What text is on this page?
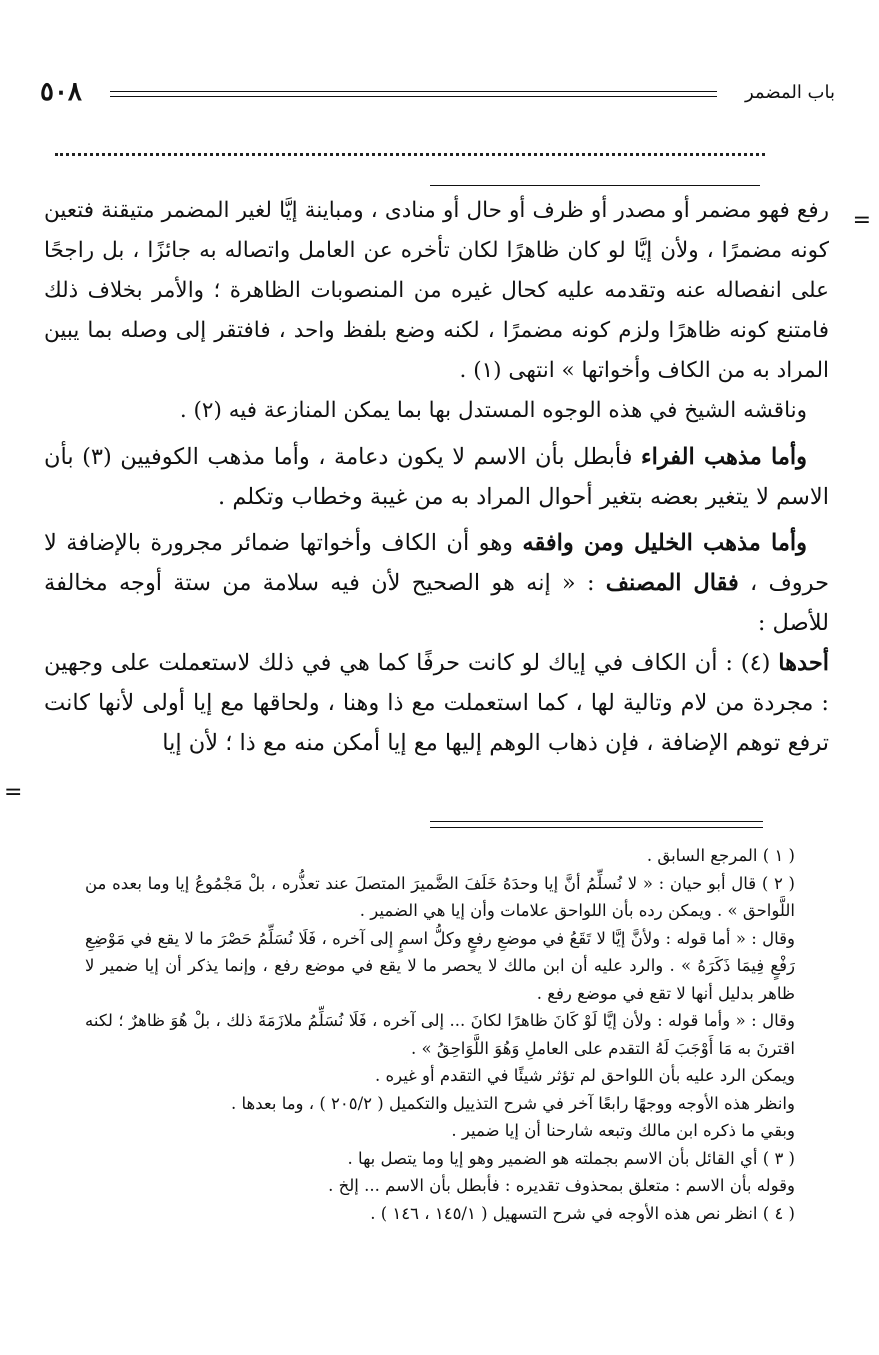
باب المضمر
٥٠٨
=

رفع فهو مضمر أو مصدر أو ظرف أو حال أو منادى ، ومباينة إيَّا لغير المضمر متيقنة فتعين كونه مضمرًا ، ولأن إيَّا لو كان ظاهرًا لكان تأخره عن العامل واتصاله به جائزًا ، بل راجحًا على انفصاله عنه وتقدمه عليه كحال غيره من المنصوبات الظاهرة ؛ والأمر بخلاف ذلك فامتنع كونه ظاهرًا ولزم كونه مضمرًا ، لكنه وضع بلفظ واحد ، فافتقر إلى وصله بما يبين المراد به من الكاف وأخواتها » انتهى (١) .

وناقشه الشيخ في هذه الوجوه المستدل بها بما يمكن المنازعة فيه (٢) .

وأما مذهب الفراء فأبطل بأن الاسم لا يكون دعامة ، وأما مذهب الكوفيين (٣) بأن الاسم لا يتغير بعضه بتغير أحوال المراد به من غيبة وخطاب وتكلم .

وأما مذهب الخليل ومن وافقه وهو أن الكاف وأخواتها ضمائر مجرورة بالإضافة لا حروف ، فقال المصنف : « إنه هو الصحيح لأن فيه سلامة من ستة أوجه مخالفة للأصل :

أحدها (٤) : أن الكاف في إياك لو كانت حرفًا كما هي في ذلك لاستعملت على وجهين : مجردة من لام وتالية لها ، كما استعملت مع ذا وهنا ، ولحاقها مع إيا أولى لأنها كانت ترفع توهم الإضافة ، فإن ذهاب الوهم إليها مع إيا أمكن منه مع ذا ؛ لأن إيا

=

( ١ ) المرجع السابق .

( ٢ ) قال أبو حيان : « لا نُسلِّمُ أنَّ إيا وحدَهُ خَلَفَ الضَّميرَ المتصلَ عند تعذُّره ، بلْ مَجْمُوعُ إيا وما بعده من اللَّواحق » . ويمكن رده بأن اللواحق علامات وأن إيا هي الضمير .

وقال : « أما قوله : ولأنَّ إيَّا لا تَقَعُ في موضعِ رفعٍ وكلُّ اسمٍ إلى آخره ، فَلَا نُسَلِّمُ حَصْرَ ما لا يقع في مَوْضِعِ رَفْعٍ فِيمَا ذَكَرَهُ » . والرد عليه أن ابن مالك لا يحصر ما لا يقع في موضع رفع ، وإنما يذكر أن إيا ضمير لا ظاهر بدليل أنها لا تقع في موضع رفع .

وقال : « وأما قوله : ولأن إيَّا لَوْ كَانَ ظاهرًا لكانَ ... إلى آخره ، فَلَا نُسَلِّمُ ملازَمَةَ ذلك ، بلْ هُوَ ظاهرٌ ؛ لكنه اقترنَ به مَا أَوْجَبَ لَهُ التقدم على العاملِ وَهُوَ اللَّوَاحِقُ » .

ويمكن الرد عليه بأن اللواحق لم تؤثر شيئًا في التقدم أو غيره .

وانظر هذه الأوجه ووجهًا رابعًا آخر في شرح التذييل والتكميل ( ٢٠٥/٢ ) ، وما بعدها .

وبقي ما ذكره ابن مالك وتبعه شارحنا أن إيا ضمير .

( ٣ ) أي القائل بأن الاسم بجملته هو الضمير وهو إيا وما يتصل بها .

وقوله بأن الاسم : متعلق بمحذوف تقديره : فأبطل بأن الاسم ... إلخ .

( ٤ ) انظر نص هذه الأوجه في شرح التسهيل ( ١٤٥/١ ، ١٤٦ ) .
